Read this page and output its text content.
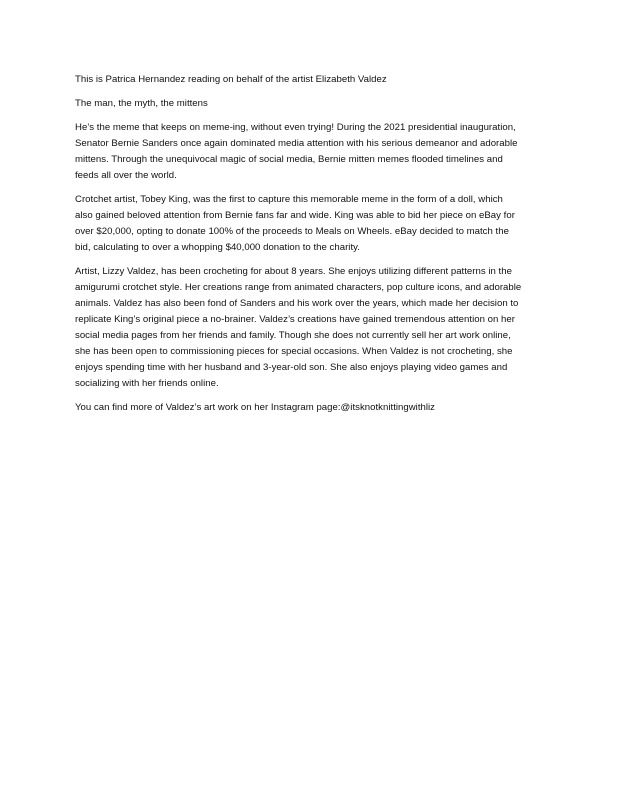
This is Patrica Hernandez reading on behalf of the artist Elizabeth Valdez

The man, the myth, the mittens

He’s the meme that keeps on meme-ing, without even trying! During the 2021 presidential inauguration,
Senator Bernie Sanders once again dominated media attention with his serious demeanor and adorable
mittens. Through the unequivocal magic of social media, Bernie mitten memes flooded timelines and
feeds all over the world.

Crotchet artist, Tobey King, was the first to capture this memorable meme in the form of a doll, which
also gained beloved attention from Bernie fans far and wide. King was able to bid her piece on eBay for
over $20,000, opting to donate 100% of the proceeds to Meals on Wheels. eBay decided to match the
bid, calculating to over a whopping $40,000 donation to the charity.

Artist, Lizzy Valdez, has been crocheting for about 8 years. She enjoys utilizing different patterns in the
amigurumi crotchet style. Her creations range from animated characters, pop culture icons, and adorable
animals. Valdez has also been fond of Sanders and his work over the years, which made her decision to
replicate King’s original piece a no-brainer. Valdez’s creations have gained tremendous attention on her
social media pages from her friends and family. Though she does not currently sell her art work online,
she has been open to commissioning pieces for special occasions. When Valdez is not crocheting, she
enjoys spending time with her husband and 3-year-old son. She also enjoys playing video games and
socializing with her friends online.

You can find more of Valdez’s art work on her Instagram page:@itsknotknittingwithliz
